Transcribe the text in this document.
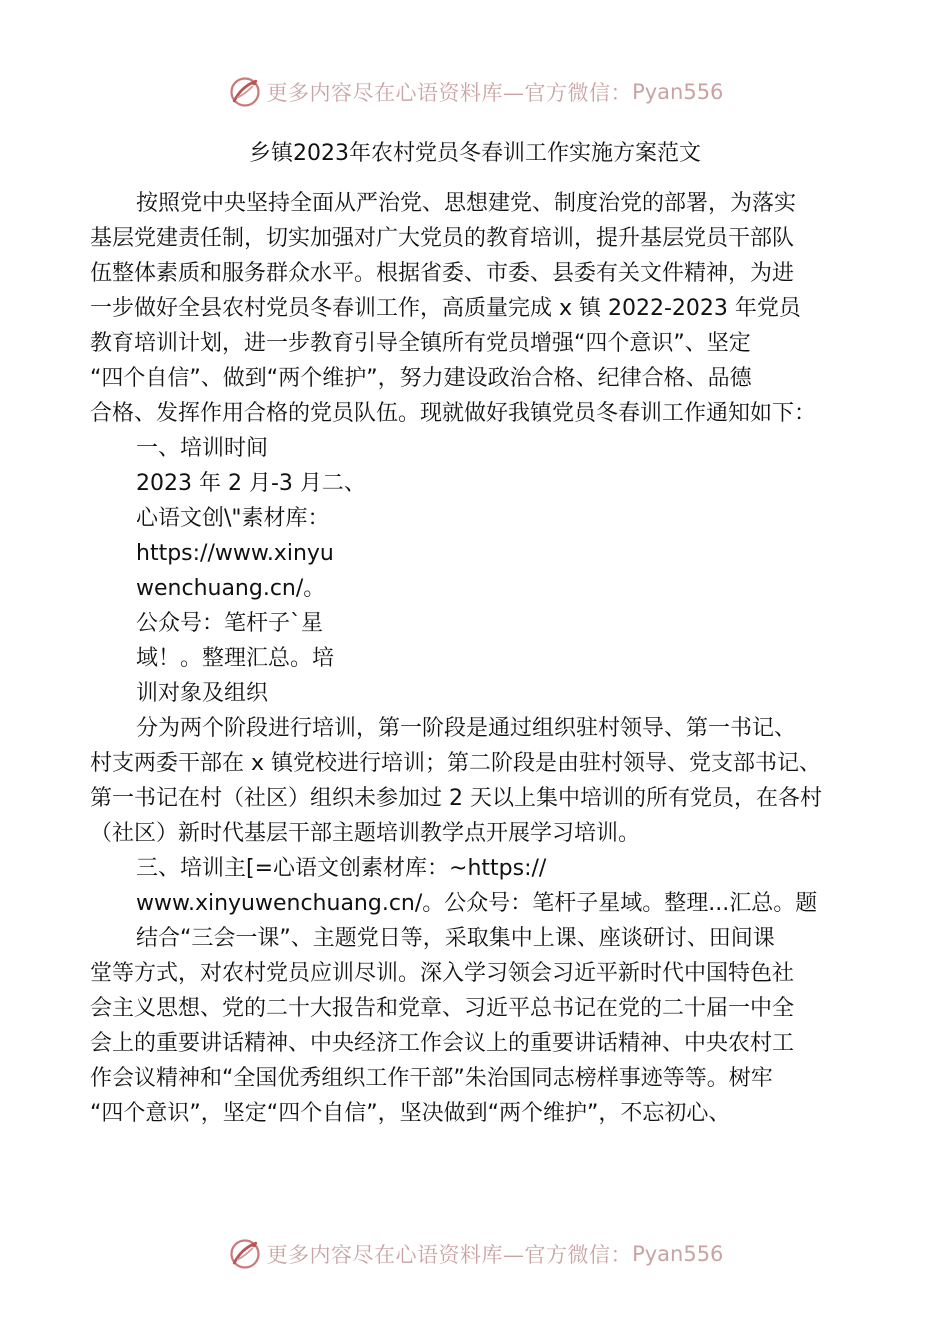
更多内容尽在心语资料库—官方微信： Pyan556
乡镇2023年农村党员冬春训工作实施方案范文
按照党中央坚持全面从严治党、思想建党、制度治党的部署，为落实
基层党建责任制，切实加强对广大党员的教育培训，提升基层党员干部队
伍整体素质和服务群众水平。根据省委、市委、县委有关文件精神，为进
一步做好全县农村党员冬春训工作，高质量完成 x 镇 2022-2023 年党员
教育培训计划，进一步教育引导全镇所有党员增强“四个意识”、坚定
“四个自信”、做到“两个维护”，努力建设政治合格、纪律合格、品德
合格、发挥作用合格的党员队伍。现就做好我镇党员冬春训工作通知如下：
一、培训时间
2023 年 2 月-3 月二、
心语文创\"素材库：
https://www.xinyu
wenchuang.cn/。
公众号：笔杆子`星
域！。整理汇总。培
训对象及组织
分为两个阶段进行培训，第一阶段是通过组织驻村领导、第一书记、
村支两委干部在 x 镇党校进行培训；第二阶段是由驻村领导、党支部书记、
第一书记在村（社区）组织未参加过 2 天以上集中培训的所有党员，在各村
（社区）新时代基层干部主题培训教学点开展学习培训。
三、培训主[=心语文创素材库：~https://
www.xinyuwenchuang.cn/。公众号：笔杆子星域。整理...汇总。题
结合“三会一课”、主题党日等，采取集中上课、座谈研讨、田间课
堂等方式，对农村党员应训尽训。深入学习领会习近平新时代中国特色社
会主义思想、党的二十大报告和党章、习近平总书记在党的二十届一中全
会上的重要讲话精神、中央经济工作会议上的重要讲话精神、中央农村工
作会议精神和“全国优秀组织工作干部”朱治国同志榜样事迹等等。树牢
“四个意识”，坚定“四个自信”，坚决做到“两个维护”，不忘初心、
更多内容尽在心语资料库—官方微信： Pyan556
